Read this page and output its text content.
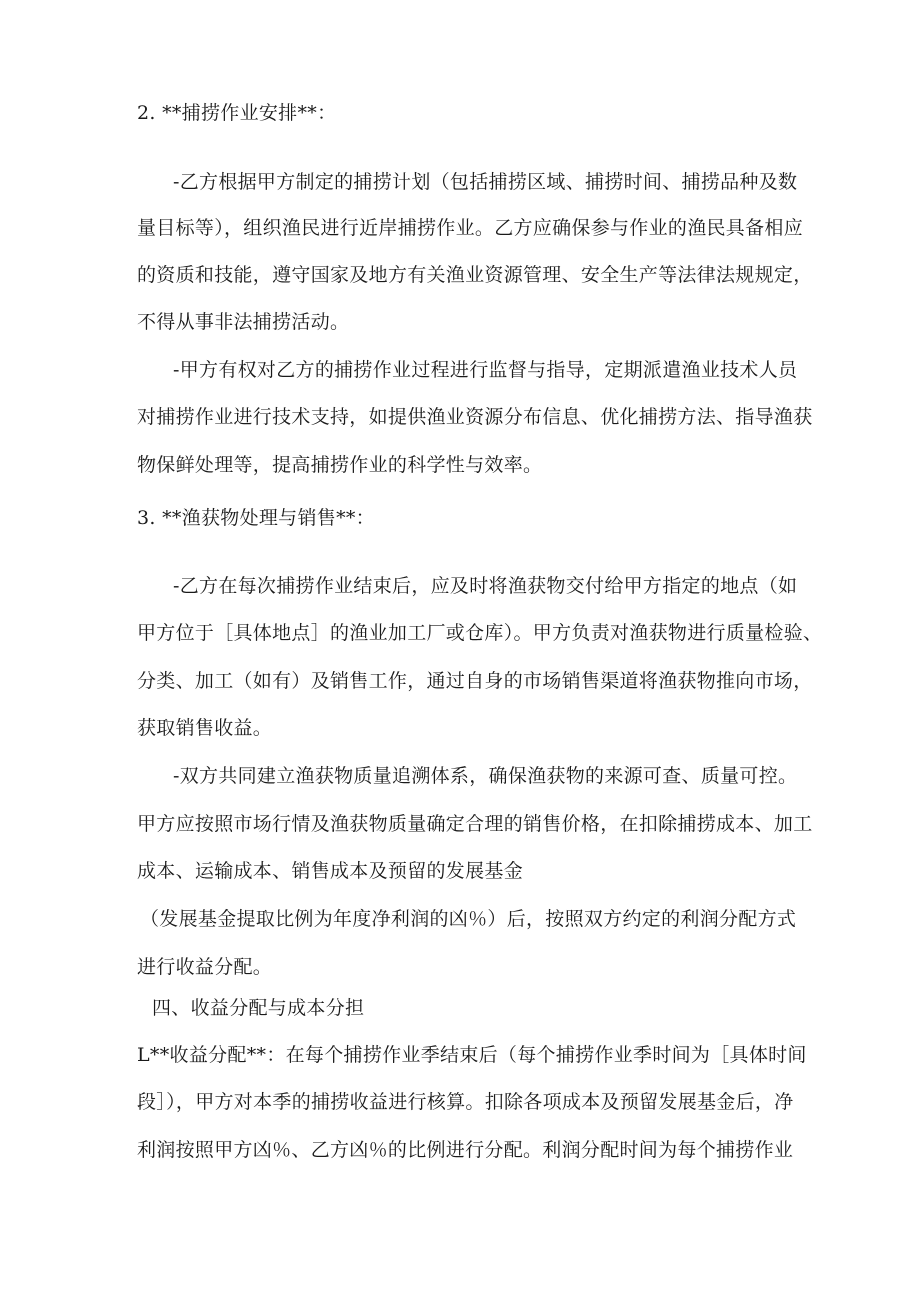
2. **捕捞作业安排**：
-乙方根据甲方制定的捕捞计划（包括捕捞区域、捕捞时间、捕捞品种及数
量目标等），组织渔民进行近岸捕捞作业。乙方应确保参与作业的渔民具备相应
的资质和技能，遵守国家及地方有关渔业资源管理、安全生产等法律法规规定，
不得从事非法捕捞活动。
-甲方有权对乙方的捕捞作业过程进行监督与指导，定期派遣渔业技术人员
对捕捞作业进行技术支持，如提供渔业资源分布信息、优化捕捞方法、指导渔获
物保鲜处理等，提高捕捞作业的科学性与效率。
3. **渔获物处理与销售**：
-乙方在每次捕捞作业结束后，应及时将渔获物交付给甲方指定的地点（如
甲方位于［具体地点］的渔业加工厂或仓库）。甲方负责对渔获物进行质量检验、
分类、加工（如有）及销售工作，通过自身的市场销售渠道将渔获物推向市场，
获取销售收益。
-双方共同建立渔获物质量追溯体系，确保渔获物的来源可查、质量可控。
甲方应按照市场行情及渔获物质量确定合理的销售价格，在扣除捕捞成本、加工
成本、运输成本、销售成本及预留的发展基金
（发展基金提取比例为年度净利润的凶％）后，按照双方约定的利润分配方式
进行收益分配。
四、收益分配与成本分担
L**收益分配**：在每个捕捞作业季结束后（每个捕捞作业季时间为［具体时间
段］），甲方对本季的捕捞收益进行核算。扣除各项成本及预留发展基金后，净
利润按照甲方凶％、乙方凶％的比例进行分配。利润分配时间为每个捕捞作业
